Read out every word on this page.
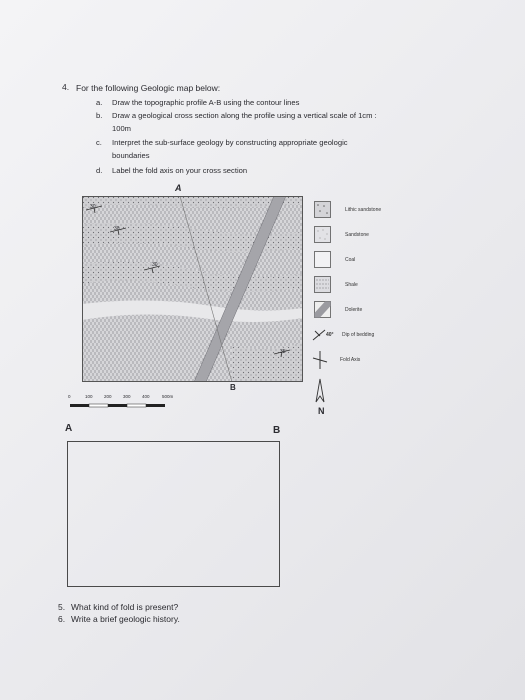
4. For the following Geologic map below:
a. Draw the topographic profile A-B using the contour lines
b. Draw a geological cross section along the profile using a vertical scale of 1cm :
100m
c. Interpret the sub-surface geology by constructing appropriate geologic
boundaries
d. Label the fold axis on your cross section
A
B
30
30
30
35
0	100	200	300	400	500m
Lithic sandstone
Sandstone
Coal
Shale
Dolerite
40° Dip of bedding
Fold Axis
N
A	B
5. What kind of fold is present?
6. Write a brief geologic history.
